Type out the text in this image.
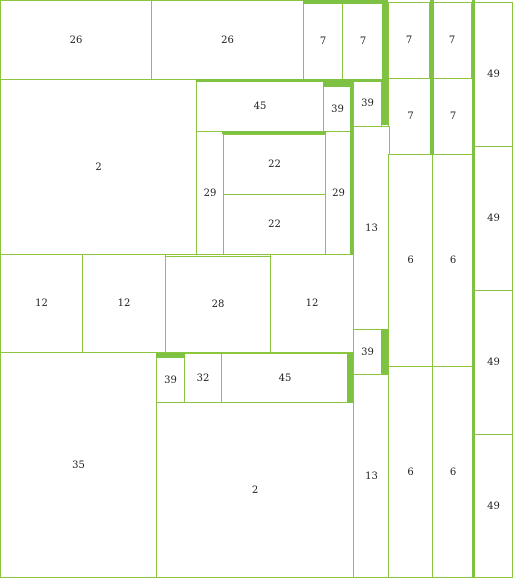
26	26	7	7	7	7
49
2
45	39	39
7	7
29
22
22
29
13
6	6
49
12	12	28	12
39
49
39	32	45
35
2
13	6	6
49
